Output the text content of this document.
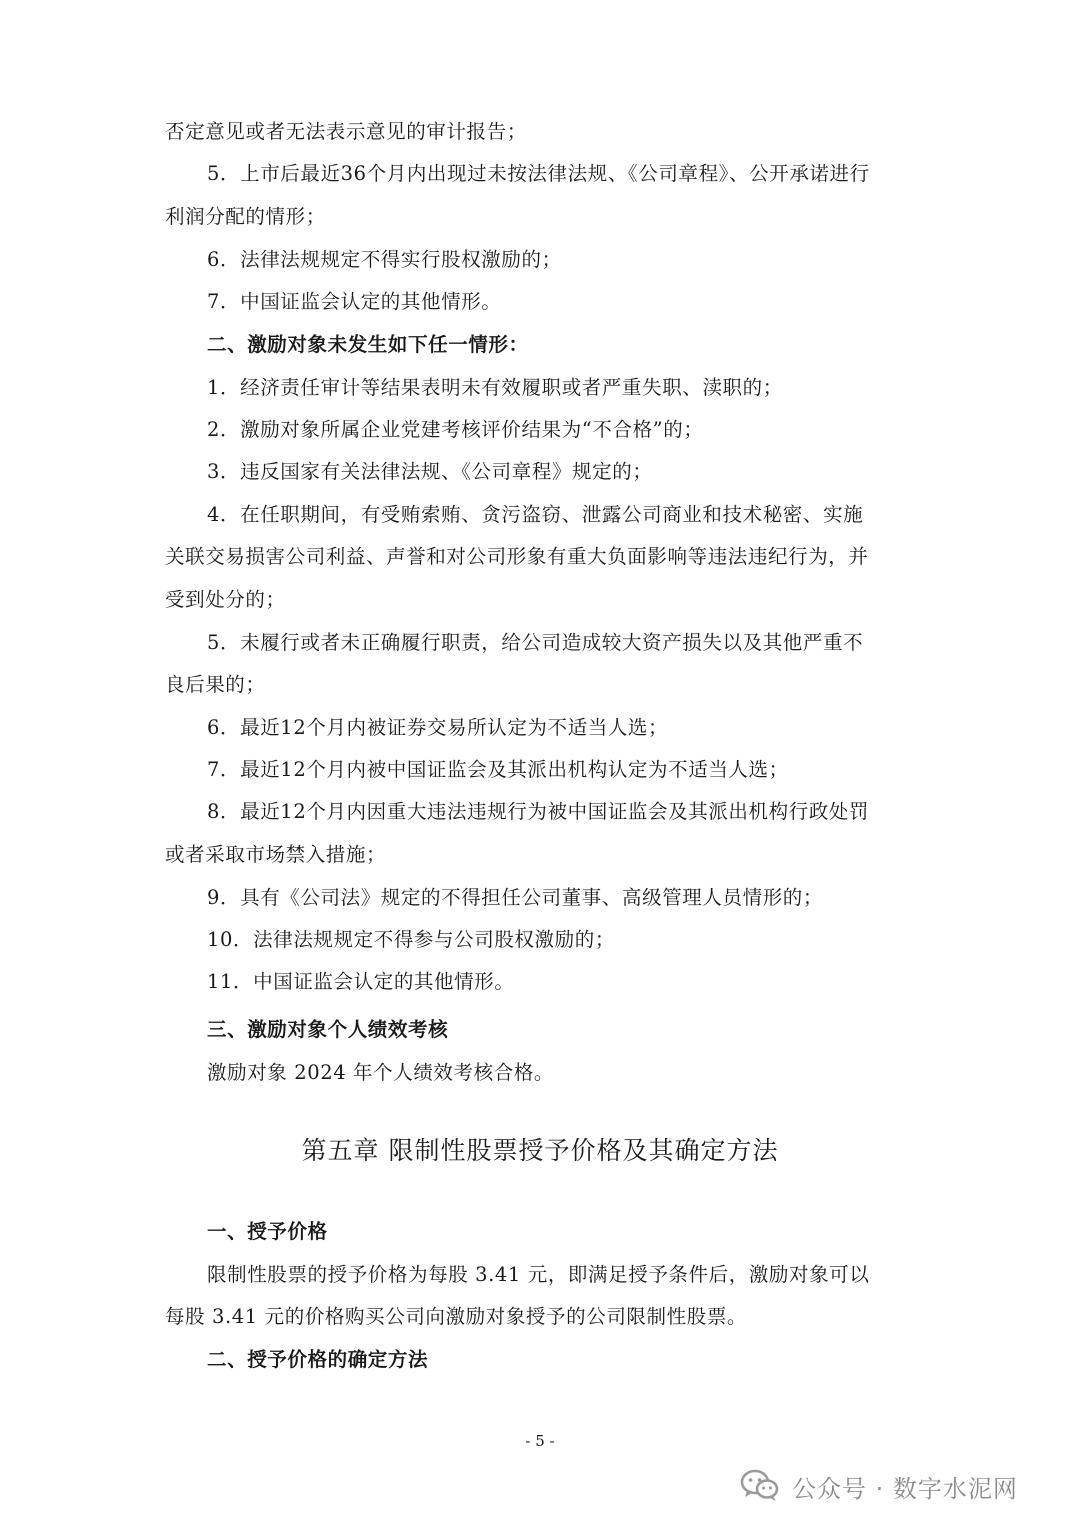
否定意见或者无法表示意见的审计报告；
5．上市后最近36个月内出现过未按法律法规、《公司章程》、公开承诺进行
利润分配的情形；
6．法律法规规定不得实行股权激励的；
7．中国证监会认定的其他情形。
二、激励对象未发生如下任一情形：
1．经济责任审计等结果表明未有效履职或者严重失职、渎职的；
2．激励对象所属企业党建考核评价结果为“不合格”的；
3．违反国家有关法律法规、《公司章程》规定的；
4．在任职期间，有受贿索贿、贪污盗窃、泄露公司商业和技术秘密、实施
关联交易损害公司利益、声誉和对公司形象有重大负面影响等违法违纪行为，并
受到处分的；
5．未履行或者未正确履行职责，给公司造成较大资产损失以及其他严重不
良后果的；
6．最近12个月内被证券交易所认定为不适当人选；
7．最近12个月内被中国证监会及其派出机构认定为不适当人选；
8．最近12个月内因重大违法违规行为被中国证监会及其派出机构行政处罚
或者采取市场禁入措施；
9．具有《公司法》规定的不得担任公司董事、高级管理人员情形的；
10．法律法规规定不得参与公司股权激励的；
11．中国证监会认定的其他情形。
三、激励对象个人绩效考核
激励对象 2024 年个人绩效考核合格。
第五章 限制性股票授予价格及其确定方法
一、授予价格
限制性股票的授予价格为每股 3.41 元，即满足授予条件后，激励对象可以
每股 3.41 元的价格购买公司向激励对象授予的公司限制性股票。
二、授予价格的确定方法
- 5 -
公众号 · 数字水泥网
